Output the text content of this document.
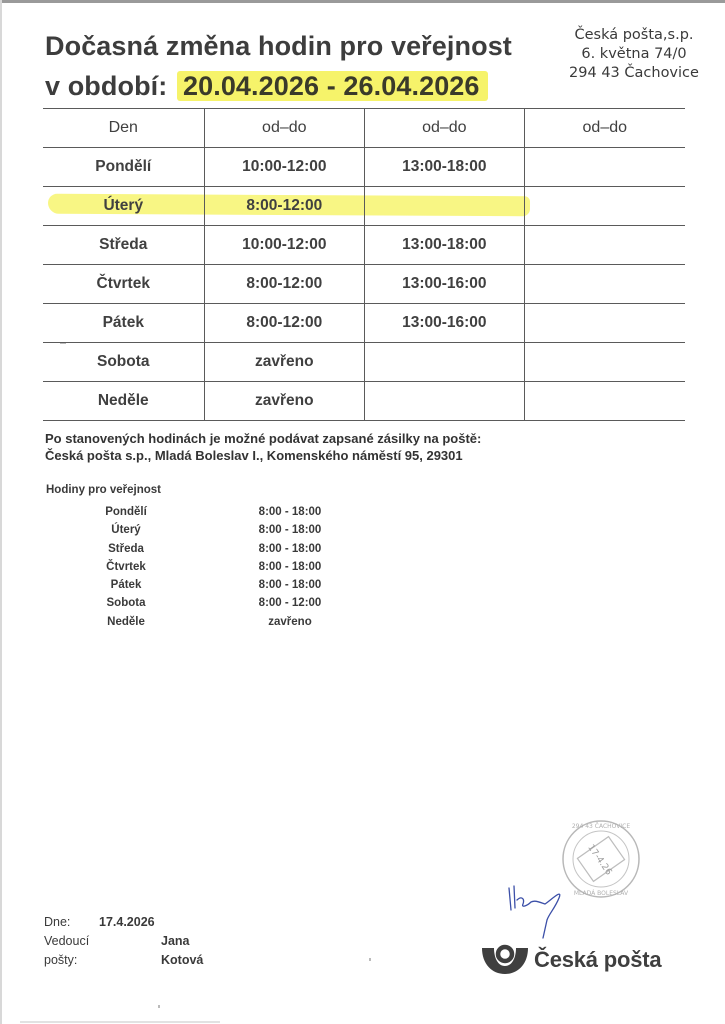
Dočasná změna hodin pro veřejnost
v období: 20.04.2026 - 26.04.2026
Česká pošta,s.p.
6. května 74/0
294 43 Čachovice
Den	od–do	od–do	od–do
Pondělí	10:00-12:00	13:00-18:00	
Úterý	8:00-12:00		
Středa	10:00-12:00	13:00-18:00	
Čtvrtek	8:00-12:00	13:00-16:00	
Pátek	8:00-12:00	13:00-16:00	
Sobota	zavřeno		
Neděle	zavřeno		
Po stanovených hodinách je možné podávat zapsané zásilky na poště:
Česká pošta s.p., Mladá Boleslav I., Komenského náměstí 95, 29301
Hodiny pro veřejnost
Pondělí	8:00 - 18:00
Úterý	8:00 - 18:00
Středa	8:00 - 18:00
Čtvrtek	8:00 - 18:00
Pátek	8:00 - 18:00
Sobota	8:00 - 12:00
Neděle	zavřeno
Dne: 17.4.2026
Vedoucí pošty:
Jana Kotová
17-4.26
294 43 ČACHOVICE
MLADÁ BOLESLAV
Česká pošta
